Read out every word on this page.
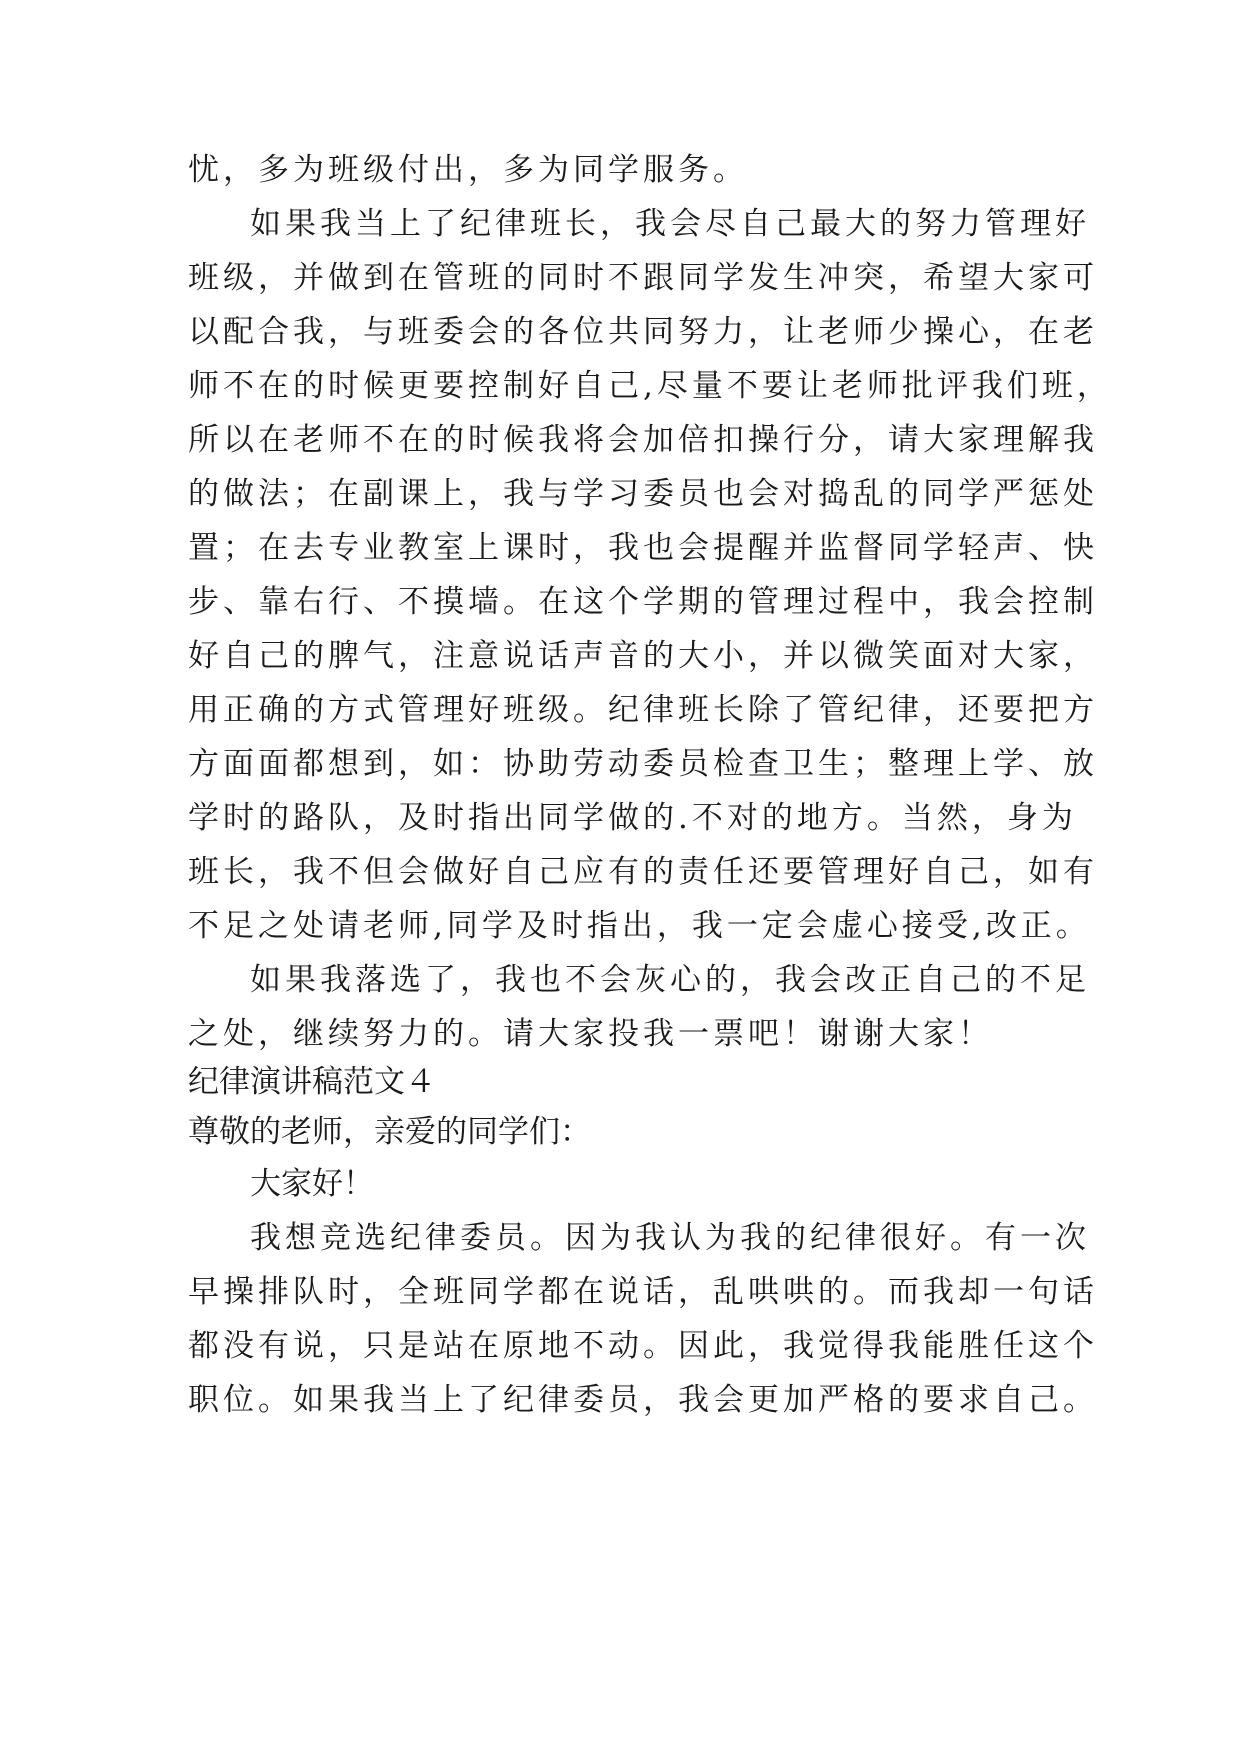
忧，多为班级付出，多为同学服务。
如果我当上了纪律班长，我会尽自己最大的努力管理好
班级，并做到在管班的同时不跟同学发生冲突，希望大家可
以配合我，与班委会的各位共同努力，让老师少操心，在老
师不在的时候更要控制好自己,尽量不要让老师批评我们班，
所以在老师不在的时候我将会加倍扣操行分，请大家理解我
的做法；在副课上，我与学习委员也会对捣乱的同学严惩处
置；在去专业教室上课时，我也会提醒并监督同学轻声、快
步、靠右行、不摸墙。在这个学期的管理过程中，我会控制
好自己的脾气，注意说话声音的大小，并以微笑面对大家，
用正确的方式管理好班级。纪律班长除了管纪律，还要把方
方面面都想到，如：协助劳动委员检查卫生；整理上学、放
学时的路队，及时指出同学做的.不对的地方。当然，身为
班长，我不但会做好自己应有的责任还要管理好自己，如有
不足之处请老师,同学及时指出，我一定会虚心接受,改正。
如果我落选了，我也不会灰心的，我会改正自己的不足
之处，继续努力的。请大家投我一票吧！谢谢大家！
纪律演讲稿范文４
尊敬的老师，亲爱的同学们：
大家好！
我想竞选纪律委员。因为我认为我的纪律很好。有一次
早操排队时，全班同学都在说话，乱哄哄的。而我却一句话
都没有说，只是站在原地不动。因此，我觉得我能胜任这个
职位。如果我当上了纪律委员，我会更加严格的要求自己。
